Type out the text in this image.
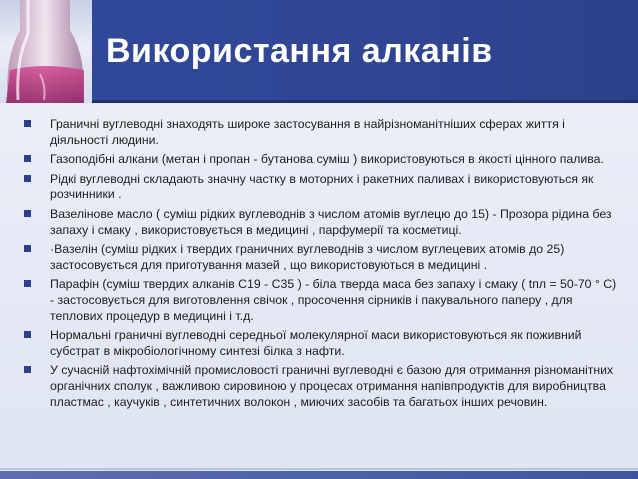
Використання алканів
Граничні вуглеводні знаходять широке застосування в найрізноманітніших сферах життя і діяльності людини.
Газоподібні алкани (метан і пропан - бутанова суміш ) використовуються в якості цінного палива.
Рідкі вуглеводні складають значну частку в моторних і ракетних паливах і використовуються як розчинники .
Вазелінове масло ( суміш рідких вуглеводнів з числом атомів вуглецю до 15) - Прозора рідина без запаху і смаку , використовується в медицині , парфумерії та косметиці.
·Вазелін (суміш рідких і твердих граничних вуглеводнів з числом вуглецевих атомів до 25) застосовується для приготування мазей , що використовуються в медицині .
Парафін (суміш твердих алканів С19 - С35 ) - біла тверда маса без запаху і смаку ( tпл = 50-70 ° C) - застосовується для виготовлення свічок , просочення сірників і пакувального паперу , для теплових процедур в медицині і т.д.
Нормальні граничні вуглеводні середньої молекулярної маси використовуються як поживний субстрат в мікробіологічному синтезі білка з нафти.
У сучасній нафтохімічній промисловості граничні вуглеводні є базою для отримання різноманітних органічних сполук , важливою сировиною у процесах отримання напівпродуктів для виробництва пластмас , каучуків , синтетичних волокон , миючих засобів та багатьох інших речовин.
